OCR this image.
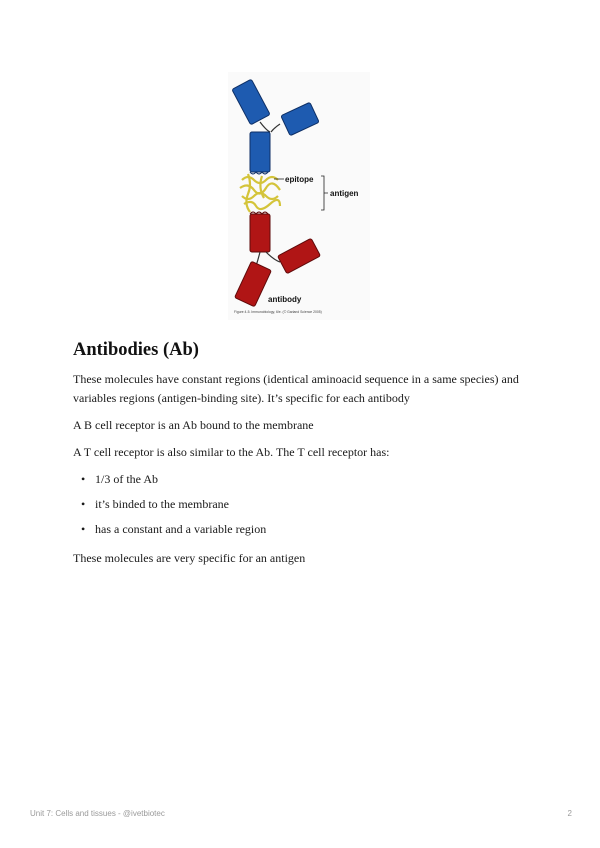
epitope
antigen
antibody
Figure 4-5. Immunobiology, 6/e. (© Garland Science 2005)
Antibodies (Ab)

These molecules have constant regions (identical aminoacid sequence in a same species) and variables regions (antigen-binding site). It’s specific for each antibody

A B cell receptor is an Ab bound to the membrane

A T cell receptor is also similar to the Ab. The T cell receptor has:

• 1/3 of the Ab
• it’s binded to the membrane
• has a constant and a variable region

These molecules are very specific for an antigen

Unit 7: Cells and tissues - @ivetbiotec	2
